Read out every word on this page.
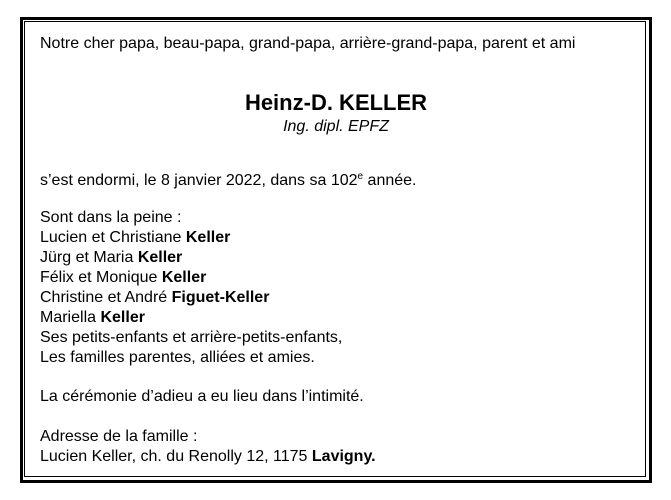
Notre cher papa, beau-papa, grand-papa, arrière-grand-papa, parent et ami
Heinz-D. KELLER
Ing. dipl. EPFZ
s’est endormi, le 8 janvier 2022, dans sa 102e année.
Sont dans la peine :
Lucien et Christiane Keller
Jürg et Maria Keller
Félix et Monique Keller
Christine et André Figuet-Keller
Mariella Keller
Ses petits-enfants et arrière-petits-enfants,
Les familles parentes, alliées et amies.
La cérémonie d’adieu a eu lieu dans l’intimité.
Adresse de la famille :
Lucien Keller, ch. du Renolly 12, 1175 Lavigny.
